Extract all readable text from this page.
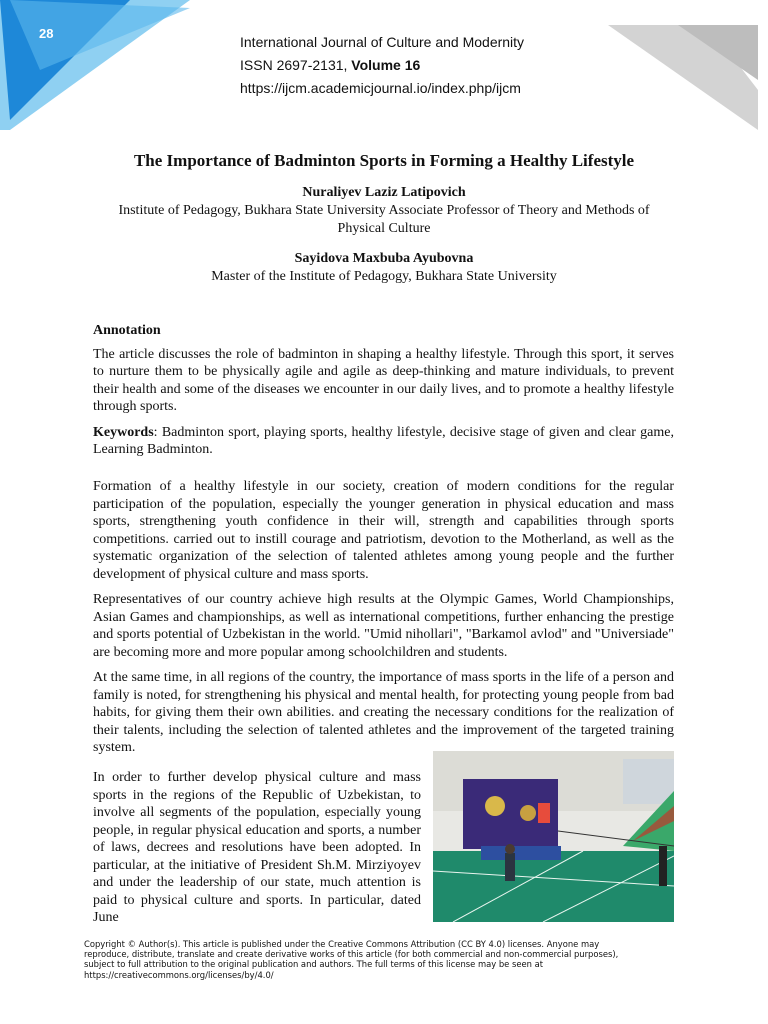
28
International Journal of Culture and Modernity
ISSN 2697-2131, Volume 16
https://ijcm.academicjournal.io/index.php/ijcm
The Importance of Badminton Sports in Forming a Healthy Lifestyle
Nuraliyev Laziz Latipovich
Institute of Pedagogy, Bukhara State University Associate Professor of Theory and Methods of Physical Culture
Sayidova Maxbuba Ayubovna
Master of the Institute of Pedagogy, Bukhara State University

Annotation

The article discusses the role of badminton in shaping a healthy lifestyle. Through this sport, it serves to nurture them to be physically agile and agile as deep-thinking and mature individuals, to prevent their health and some of the diseases we encounter in our daily lives, and to promote a healthy lifestyle through sports.

Keywords: Badminton sport, playing sports, healthy lifestyle, decisive stage of given and clear game, Learning Badminton.

Formation of a healthy lifestyle in our society, creation of modern conditions for the regular participation of the population, especially the younger generation in physical education and mass sports, strengthening youth confidence in their will, strength and capabilities through sports competitions. carried out to instill courage and patriotism, devotion to the Motherland, as well as the systematic organization of the selection of talented athletes among young people and the further development of physical culture and mass sports.

Representatives of our country achieve high results at the Olympic Games, World Championships, Asian Games and championships, as well as international competitions, further enhancing the prestige and sports potential of Uzbekistan in the world. "Umid nihollari", "Barkamol avlod" and "Universiade" are becoming more and more popular among schoolchildren and students.

At the same time, in all regions of the country, the importance of mass sports in the life of a person and family is noted, for strengthening his physical and mental health, for protecting young people from bad habits, for giving them their own abilities. and creating the necessary conditions for the realization of their talents, including the selection of talented athletes and the improvement of the targeted training system.

In order to further develop physical culture and mass sports in the regions of the Republic of Uzbekistan, to involve all segments of the population, especially young people, in regular physical education and sports, a number of laws, decrees and resolutions have been adopted. In particular, at the initiative of President Sh.M. Mirziyoyev and under the leadership of our state, much attention is paid to physical culture and sports. In particular, dated June
Copyright © Author(s). This article is published under the Creative Commons Attribution (CC BY 4.0) licenses. Anyone may reproduce, distribute, translate and create derivative works of this article (for both commercial and non-commercial purposes), subject to full attribution to the original publication and authors. The full terms of this license may be seen at https://creativecommons.org/licenses/by/4.0/
